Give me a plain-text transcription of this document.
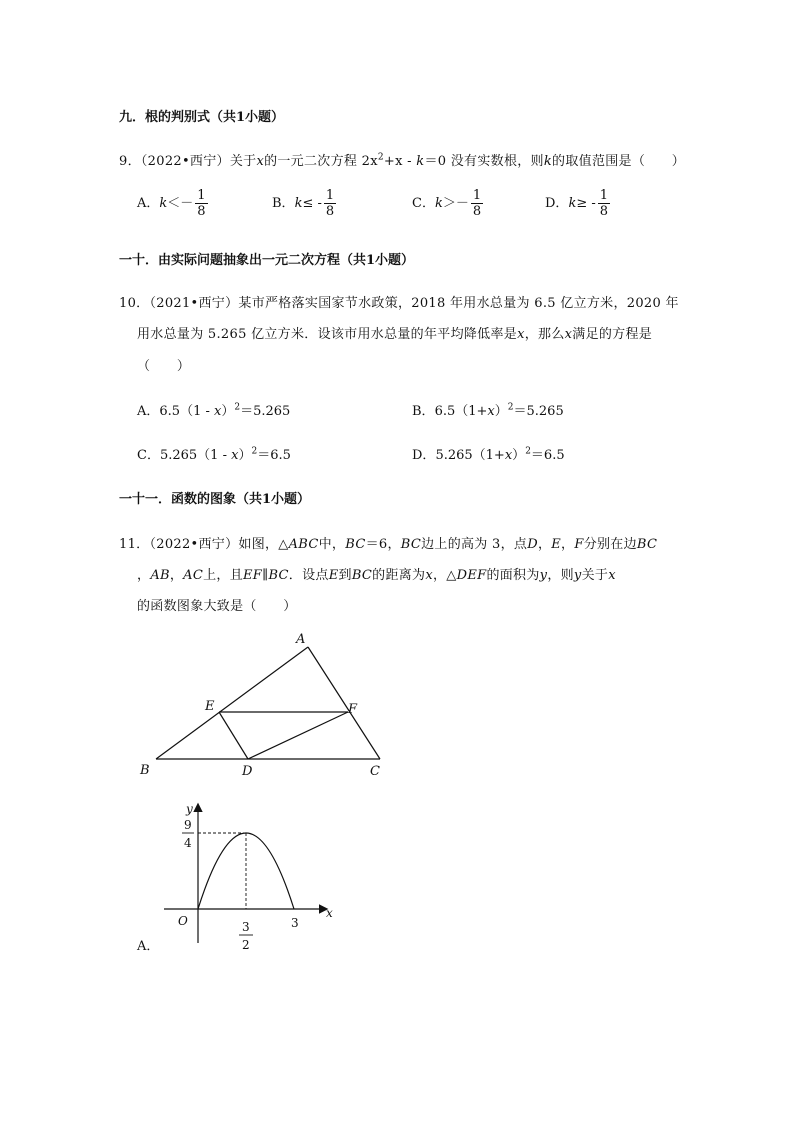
九．根的判别式（共1小题）
9．（2022•西宁）关于x的一元二次方程 $2x^2+x - k=0$ 没有实数根，则k的取值范围是（　　）
A．$k<- \frac{1}{8}$	B．$k\le - \frac{1}{8}$	C．$k>- \frac{1}{8}$	D．$k\ge - \frac{1}{8}$
一十．由实际问题抽象出一元二次方程（共1小题）
10．（2021•西宁）某市严格落实国家节水政策，2018 年用水总量为 6.5 亿立方米，2020 年
用水总量为 5.265 亿立方米．设该市用水总量的年平均降低率是x，那么x满足的方程是
（　　）
A．6.5（1 - x）$^2$＝5.265	B．$6.5(1+x)^2=5.265$
C．5.265（1 - x）$^2$＝6.5	D．$5.265(1+x)^2=6.5$
一十一．函数的图象（共1小题）
11．（2022•西宁）如图，△ABC中，BC＝6，BC边上的高为 3，点D，E，F分别在边BC
，AB，AC上，且EF∥BC．设点E到BC的距离为x，△DEF的面积为y，则y关于x
的函数图象大致是（　　）
A
B	C
D
E	F
y
x
O
9
4
3
2
3
A．
